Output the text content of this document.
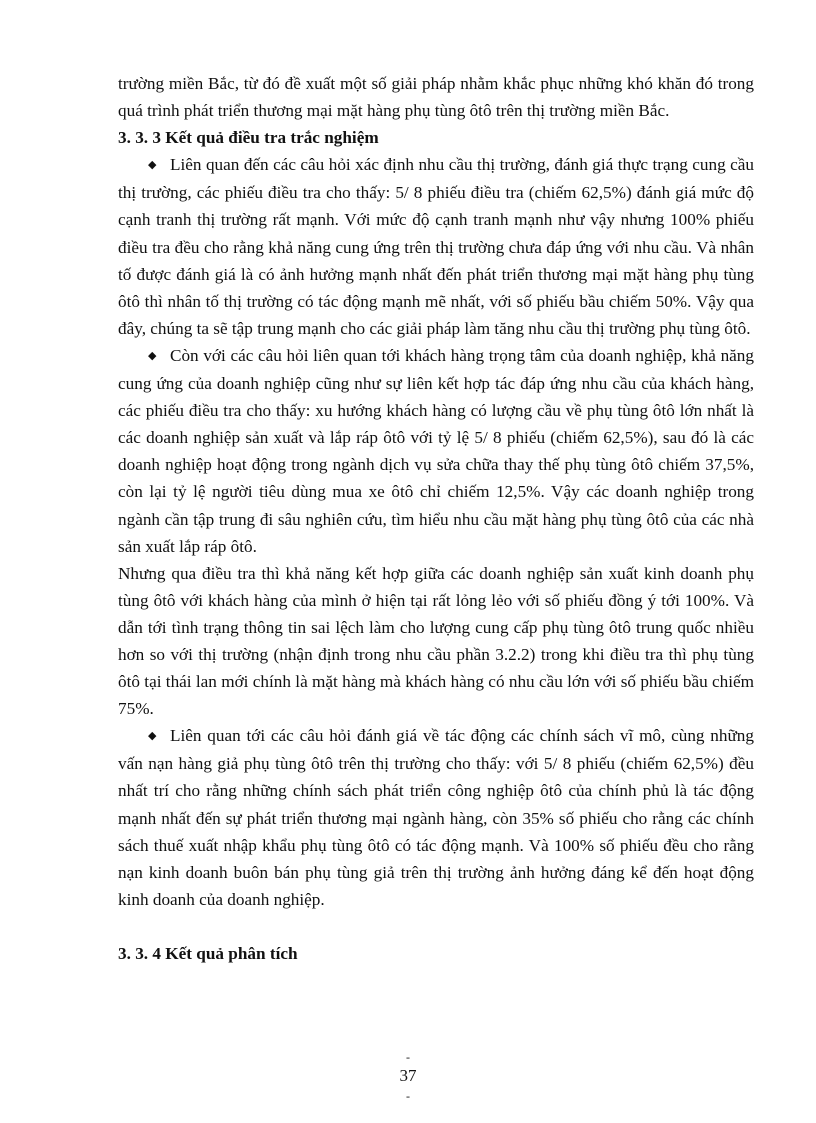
trường miền Bắc, từ đó đề xuất một số giải pháp nhằm khắc phục những khó khăn đó trong quá trình phát triển thương mại mặt hàng phụ tùng ôtô trên thị trường miền Bắc.

3. 3. 3 Kết quả điều tra trắc nghiệm

◆ Liên quan đến các câu hỏi xác định nhu cầu thị trường, đánh giá thực trạng cung cầu thị trường, các phiếu điều tra cho thấy: 5/ 8 phiếu điều tra (chiếm 62,5%) đánh giá mức độ cạnh tranh thị trường rất mạnh. Với mức độ cạnh tranh mạnh như vậy nhưng 100% phiếu điều tra đều cho rằng khả năng cung ứng trên thị trường chưa đáp ứng với nhu cầu. Và nhân tố được đánh giá là có ảnh hưởng mạnh nhất đến phát triển thương mại mặt hàng phụ tùng ôtô thì nhân tố thị trường có tác động mạnh mẽ nhất, với số phiếu bầu chiếm 50%. Vậy qua đây, chúng ta sẽ tập trung mạnh cho các giải pháp làm tăng nhu cầu thị trường phụ tùng ôtô.

◆ Còn với các câu hỏi liên quan tới khách hàng trọng tâm của doanh nghiệp, khả năng cung ứng của doanh nghiệp cũng như sự liên kết hợp tác đáp ứng nhu cầu của khách hàng, các phiếu điều tra cho thấy: xu hướng khách hàng có lượng cầu về phụ tùng ôtô lớn nhất là các doanh nghiệp sản xuất và lắp ráp ôtô với tỷ lệ 5/ 8 phiếu (chiếm 62,5%), sau đó là các doanh nghiệp hoạt động trong ngành dịch vụ sửa chữa thay thế phụ tùng ôtô chiếm 37,5%, còn lại tỷ lệ người tiêu dùng mua xe ôtô chỉ chiếm 12,5%. Vậy các doanh nghiệp trong ngành cần tập trung đi sâu nghiên cứu, tìm hiểu nhu cầu mặt hàng phụ tùng ôtô của các nhà sản xuất lắp ráp ôtô.

Nhưng qua điều tra thì khả năng kết hợp giữa các doanh nghiệp sản xuất kinh doanh phụ tùng ôtô với khách hàng của mình ở hiện tại rất lỏng lẻo với số phiếu đồng ý tới 100%. Và dẫn tới tình trạng thông tin sai lệch làm cho lượng cung cấp phụ tùng ôtô trung quốc nhiều hơn so với thị trường (nhận định trong nhu cầu phần 3.2.2) trong khi điều tra thì phụ tùng ôtô tại thái lan mới chính là mặt hàng mà khách hàng có nhu cầu lớn với số phiếu bầu chiếm 75%.

◆ Liên quan tới các câu hỏi đánh giá về tác động các chính sách vĩ mô, cùng những vấn nạn hàng giả phụ tùng ôtô trên thị trường cho thấy: với 5/ 8 phiếu (chiếm 62,5%) đều nhất trí cho rằng những chính sách phát triển công nghiệp ôtô của chính phủ là tác động mạnh nhất đến sự phát triển thương mại ngành hàng, còn 35% số phiếu cho rằng các chính sách thuế xuất nhập khẩu phụ tùng ôtô có tác động mạnh. Và 100% số phiếu đều cho rằng nạn kinh doanh buôn bán phụ tùng giả trên thị trường ảnh hưởng đáng kể đến hoạt động kinh doanh của doanh nghiệp.

3. 3. 4 Kết quả phân tích

-
37
-
